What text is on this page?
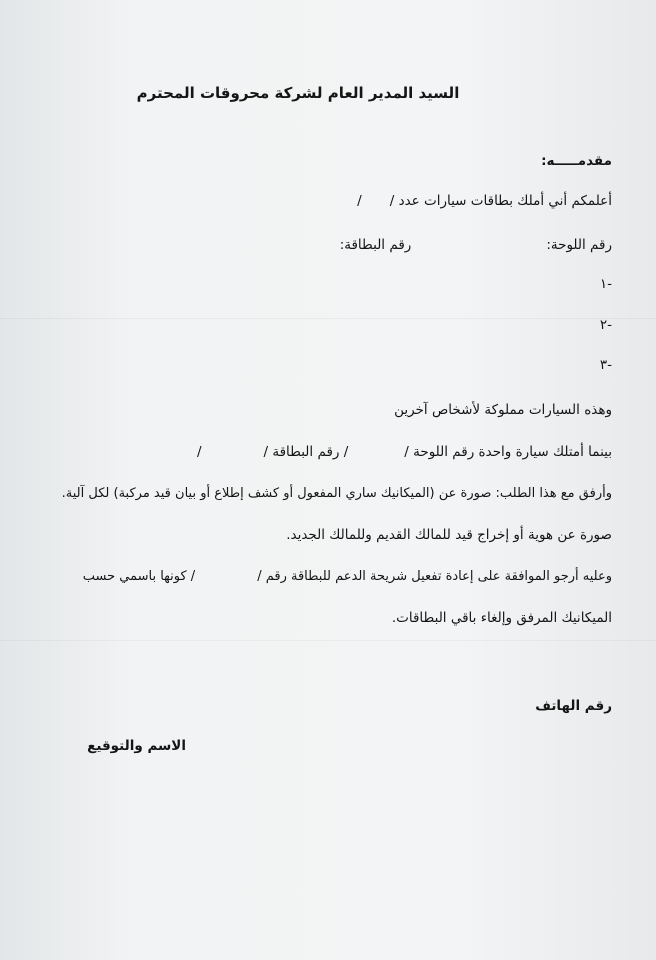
السيد المدير العام لشركة محروقات المحترم
مقدمـــــه:
أعلمكم أني أملك بطاقات سيارات عدد //
رقم اللوحة:رقم البطاقة:
-١
-٢
-٣
وهذه السيارات مملوكة لأشخاص آخرين
بينما أمتلك سيارة واحدة رقم اللوحة // رقم البطاقة //
وأرفق مع هذا الطلب: صورة عن (الميكانيك ساري المفعول أو كشف إطلاع أو بيان قيد مركبة) لكل آلية.
صورة عن هوية أو إخراج قيد للمالك القديم وللمالك الجديد.
وعليه أرجو الموافقة على إعادة تفعيل شريحة الدعم للبطاقة رقم // كونها باسمي حسب
الميكانيك المرفق وإلغاء باقي البطاقات.
رقم الهاتف
الاسم والتوقيع
